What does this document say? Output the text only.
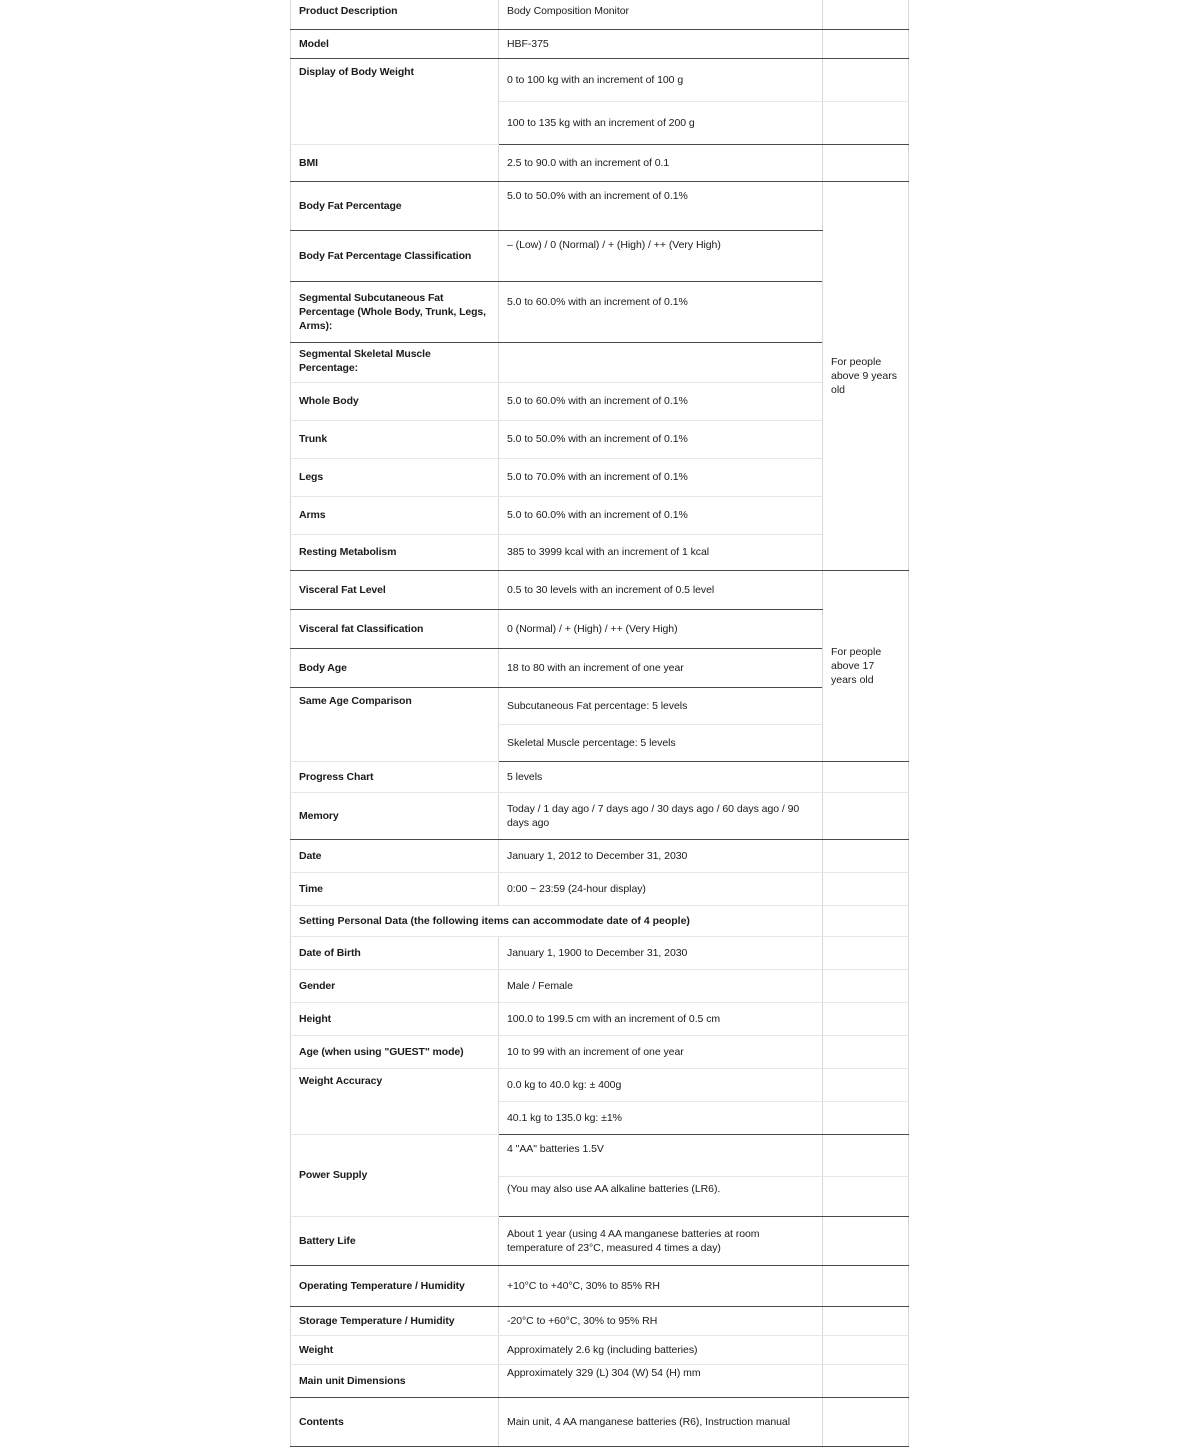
Product Description	Body Composition Monitor	
Model	HBF-375	
Display of Body Weight	0 to 100 kg with an increment of 100 g	
	100 to 135 kg with an increment of 200 g	
BMI	2.5 to 90.0 with an increment of 0.1	
Body Fat Percentage	5.0 to 50.0% with an increment of 0.1%	For people above 9 years old
Body Fat Percentage Classification	– (Low) / 0 (Normal) / + (High) / ++ (Very High)	
Segmental Subcutaneous Fat Percentage (Whole Body, Trunk, Legs, Arms):	5.0 to 60.0% with an increment of 0.1%	
Segmental Skeletal Muscle Percentage:		
Whole Body	5.0 to 60.0% with an increment of 0.1%	
Trunk	5.0 to 50.0% with an increment of 0.1%	
Legs	5.0 to 70.0% with an increment of 0.1%	
Arms	5.0 to 60.0% with an increment of 0.1%	
Resting Metabolism	385 to 3999 kcal with an increment of 1 kcal	
Visceral Fat Level	0.5 to 30 levels with an increment of 0.5 level	For people above 17 years old
Visceral fat Classification	0 (Normal) / + (High) / ++ (Very High)	
Body Age	18 to 80 with an increment of one year	
Same Age Comparison	Subcutaneous Fat percentage: 5 levels	
	Skeletal Muscle percentage: 5 levels	
Progress Chart	5 levels	
Memory	Today / 1 day ago / 7 days ago / 30 days ago / 60 days ago / 90 days ago	
Date	January 1, 2012 to December 31, 2030	
Time	0:00 ~ 23:59 (24-hour display)	
Setting Personal Data (the following items can accommodate date of 4 people)		
Date of Birth	January 1, 1900 to December 31, 2030	
Gender	Male / Female	
Height	100.0 to 199.5 cm with an increment of 0.5 cm	
Age (when using "GUEST" mode)	10 to 99 with an increment of one year	
Weight Accuracy	0.0 kg to 40.0 kg: ± 400g	
	40.1 kg to 135.0 kg: ±1%	
Power Supply	4 "AA" batteries 1.5V	
	(You may also use AA alkaline batteries (LR6).	
Battery Life	About 1 year (using 4 AA manganese batteries at room temperature of 23°C, measured 4 times a day)	
Operating Temperature / Humidity	+10°C to +40°C, 30% to 85% RH	
Storage Temperature / Humidity	-20°C to +60°C, 30% to 95% RH	
Weight	Approximately 2.6 kg (including batteries)	
Main unit Dimensions	Approximately 329 (L) 304 (W) 54 (H) mm	
Contents	Main unit, 4 AA manganese batteries (R6), Instruction manual	
